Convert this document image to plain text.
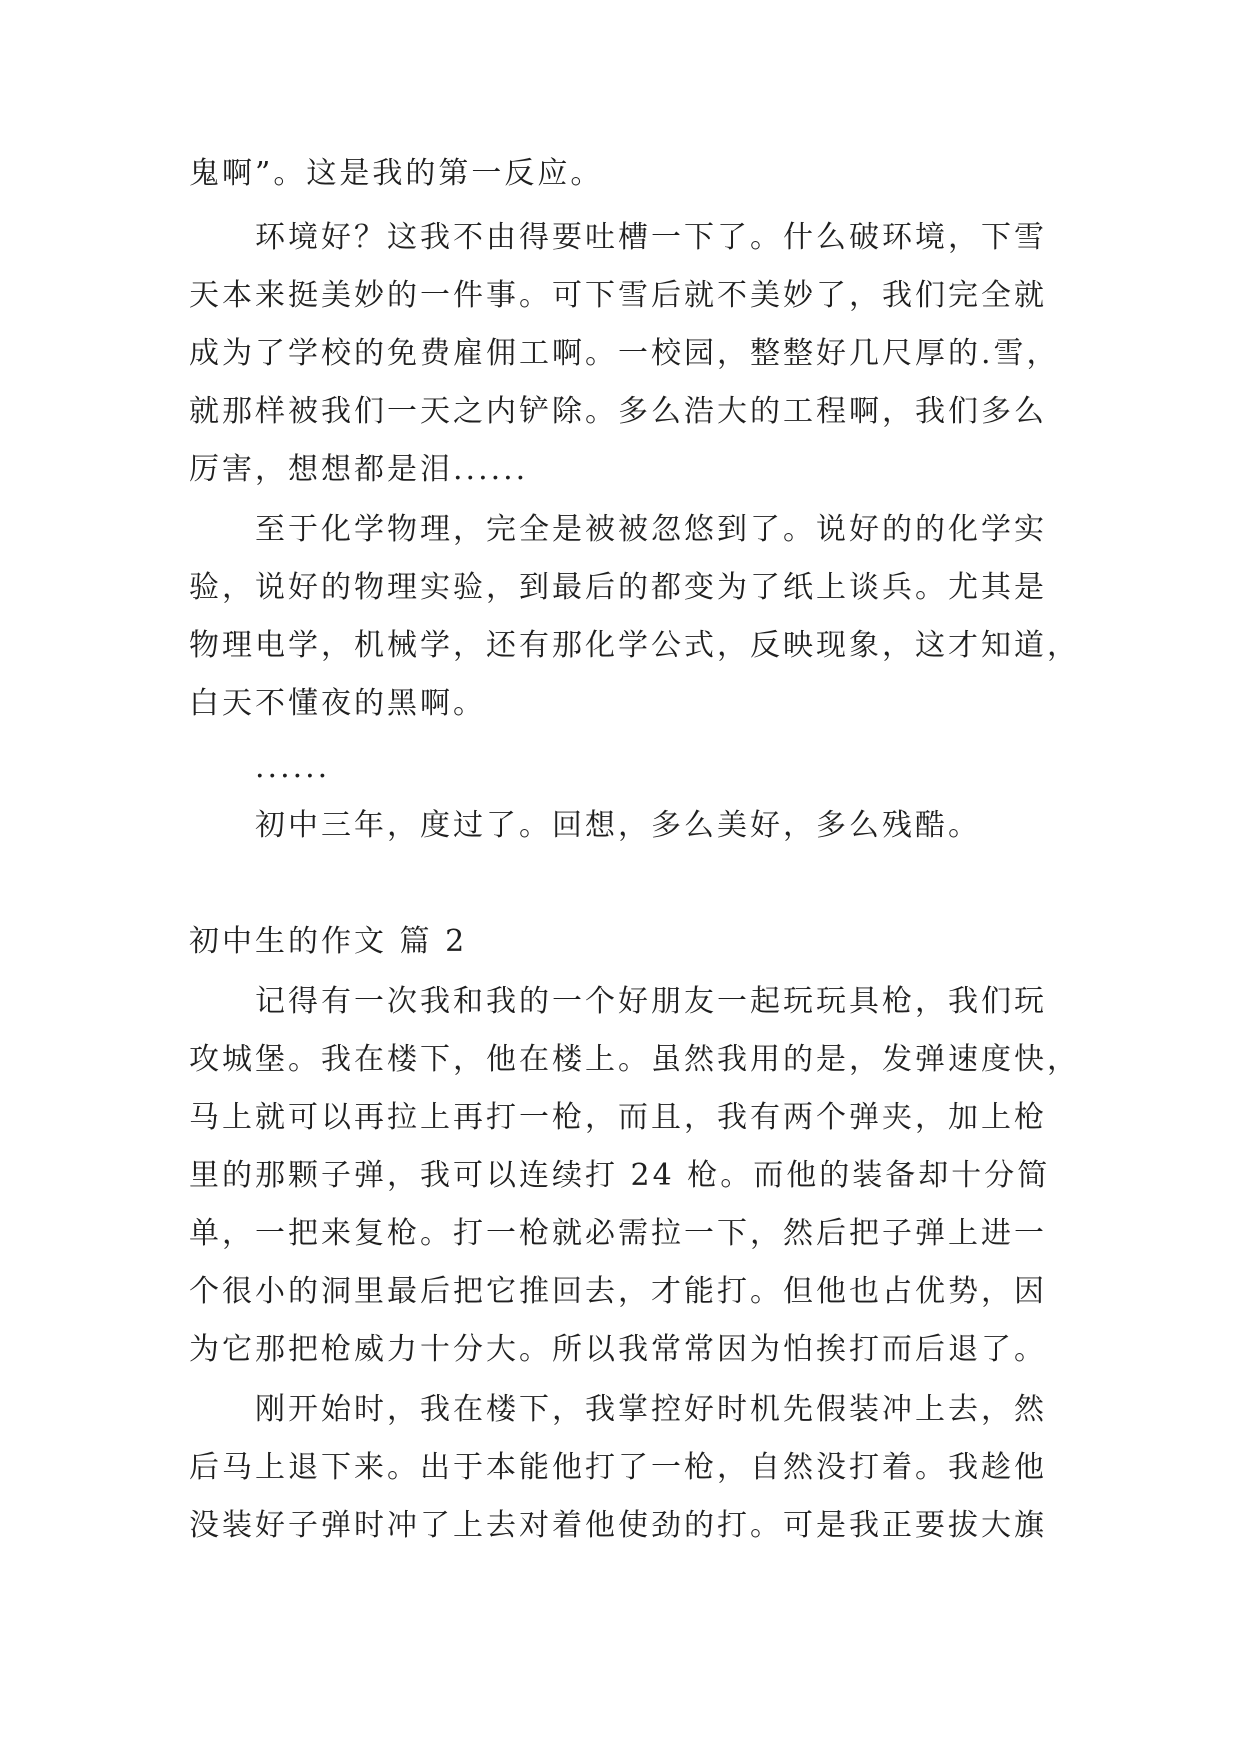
鬼啊”。这是我的第一反应。
环境好？这我不由得要吐槽一下了。什么破环境，下雪
天本来挺美妙的一件事。可下雪后就不美妙了，我们完全就
成为了学校的免费雇佣工啊。一校园，整整好几尺厚的.雪，
就那样被我们一天之内铲除。多么浩大的工程啊，我们多么
厉害，想想都是泪......
至于化学物理，完全是被被忽悠到了。说好的的化学实
验，说好的物理实验，到最后的都变为了纸上谈兵。尤其是
物理电学，机械学，还有那化学公式，反映现象，这才知道，
白天不懂夜的黑啊。
......
初中三年，度过了。回想，多么美好，多么残酷。
初中生的作文 篇 2
记得有一次我和我的一个好朋友一起玩玩具枪，我们玩
攻城堡。我在楼下，他在楼上。虽然我用的是，发弹速度快，
马上就可以再拉上再打一枪，而且，我有两个弹夹，加上枪
里的那颗子弹，我可以连续打 24 枪。而他的装备却十分简
单，一把来复枪。打一枪就必需拉一下，然后把子弹上进一
个很小的洞里最后把它推回去，才能打。但他也占优势，因
为它那把枪威力十分大。所以我常常因为怕挨打而后退了。
刚开始时，我在楼下，我掌控好时机先假装冲上去，然
后马上退下来。出于本能他打了一枪，自然没打着。我趁他
没装好子弹时冲了上去对着他使劲的打。可是我正要拔大旗
